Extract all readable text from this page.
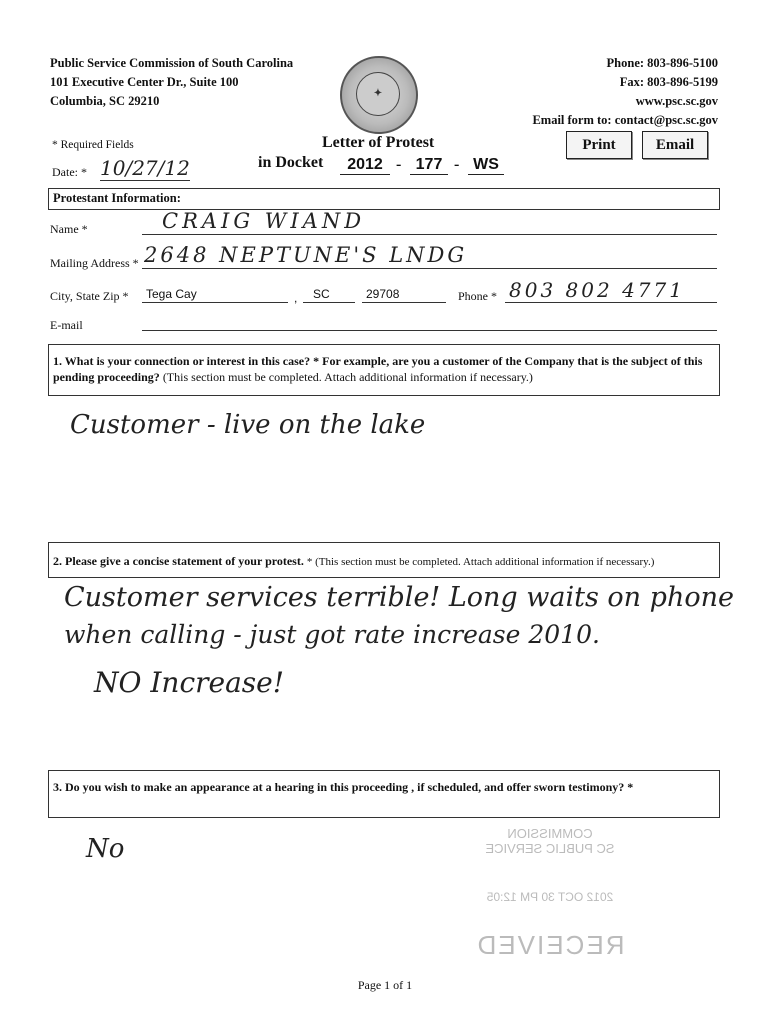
Public Service Commission of South Carolina
101 Executive Center Dr., Suite 100
Columbia, SC 29210
✦
Phone: 803-896-5100
Fax: 803-896-5199
www.psc.sc.gov
Email form to: contact@psc.sc.gov
* Required Fields	Letter of Protest
in Docket	2012 - 177 - WS
Date: * 10/27/12
Print	Email
Protestant Information:
Name *	CRAIG WIAND
Mailing Address * 2648 NEPTUNE'S LNDG
City, State Zip *	Tega Cay	,	SC	29708	Phone * 803 802 4771
E-mail
1. What is your connection or interest in this case? * For example, are you a customer of the Company that is the subject of this pending proceeding? (This section must be completed. Attach additional information if necessary.)
Customer - live on the lake
2. Please give a concise statement of your protest. * (This section must be completed. Attach additional information if necessary.)
Customer services terrible! Long waits on phone
when calling - just got rate increase 2010.
NO Increase!
3. Do you wish to make an appearance at a hearing in this proceeding , if scheduled, and offer sworn testimony? *
No
COMMISSION
SC PUBLIC SERVICE
2012 OCT 30 PM 12:05
RECEIVED
Page 1 of 1
